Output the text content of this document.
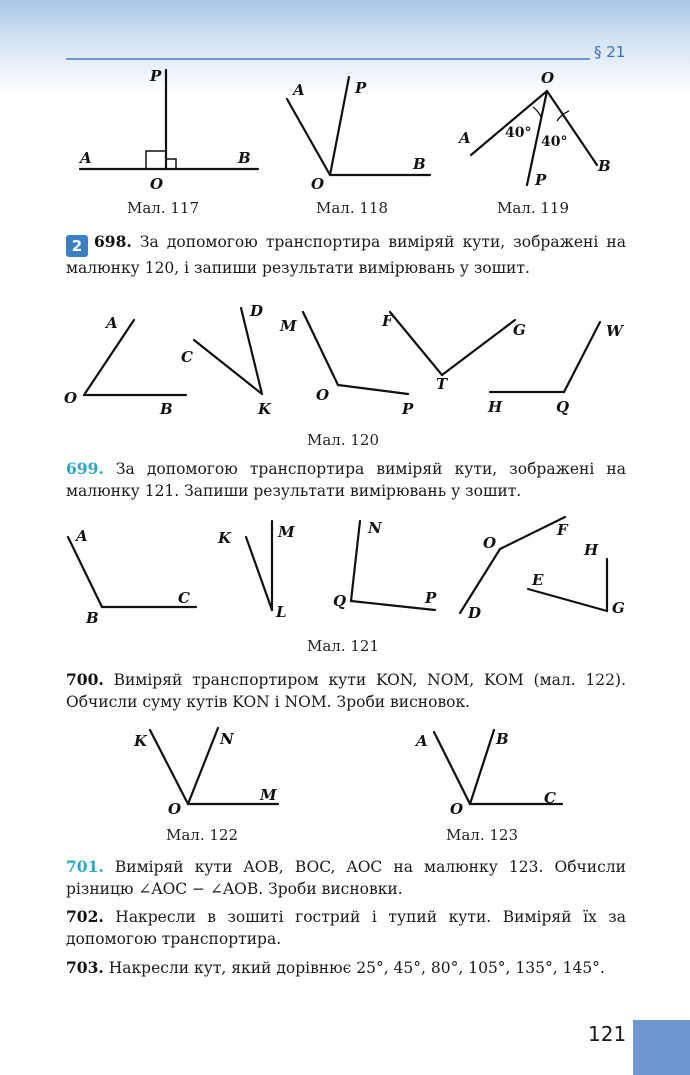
§ 21
P
A	B
O
Мал. 117
A	P
O
B
Мал. 118
O
A
B
P
40°
40°
Мал. 119
2 698. За допомогою транспортира виміряй кути, зображені на малюнку 120, і запиши результати вимірювань у зошит.
A
O
B
D
C
K
M
O
P
F	G
T
W
H	Q
Мал. 120
699. За допомогою транспортира виміряй кути, зображені на малюнку 121. Запиши результати вимірювань у зошит.
A
B
C
K	M
L
N
Q	P
O
F
D
H
E
G
Мал. 121
700. Виміряй транспортиром кути KON, NOM, KOM (мал. 122). Обчисли суму кутів KON і NOM. Зроби висновок.
K	N
O
M
Мал. 122
A	B
O
C
Мал. 123
701. Виміряй кути AOB, BOC, AOC на малюнку 123. Обчисли різницю ∠AOC − ∠AOB. Зроби висновки.
702. Накресли в зошиті гострий і тупий кути. Виміряй їх за допомогою транспортира.
703. Накресли кут, який дорівнює 25°, 45°, 80°, 105°, 135°, 145°.
121
